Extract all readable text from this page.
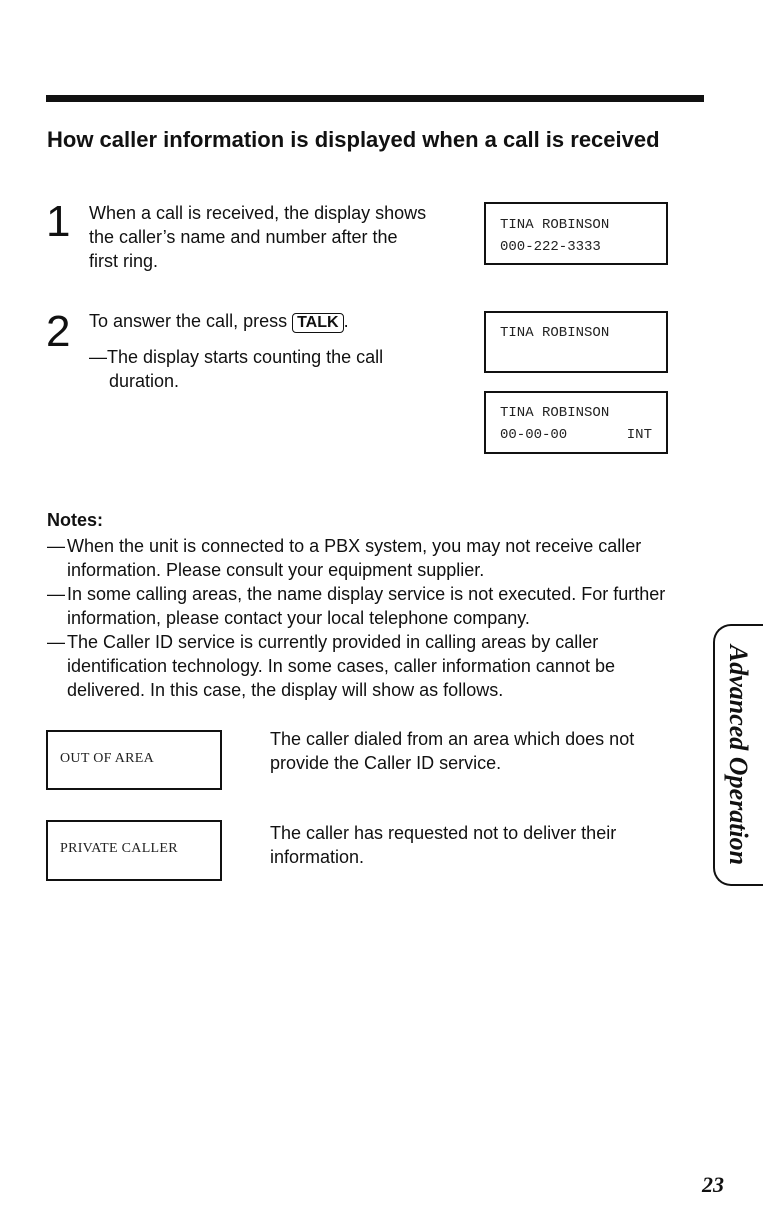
How caller information is displayed when a call is received
1 When a call is received, the display shows the caller’s name and number after the first ring.
TINA ROBINSON
000-222-3333
2 To answer the call, press TALK .
—The display starts counting the call duration.
TINA ROBINSON
TINA ROBINSON
00-00-00	INT
Notes:
— When the unit is connected to a PBX system, you may not receive caller information. Please consult your equipment supplier.
— In some calling areas, the name display service is not executed. For further information, please contact your local telephone company.
— The Caller ID service is currently provided in calling areas by caller identification technology. In some cases, caller information cannot be delivered. In this case, the display will show as follows.
OUT OF AREA
The caller dialed from an area which does not provide the Caller ID service.
PRIVATE CALLER
The caller has requested not to deliver their information.	Advanced Operation
23
